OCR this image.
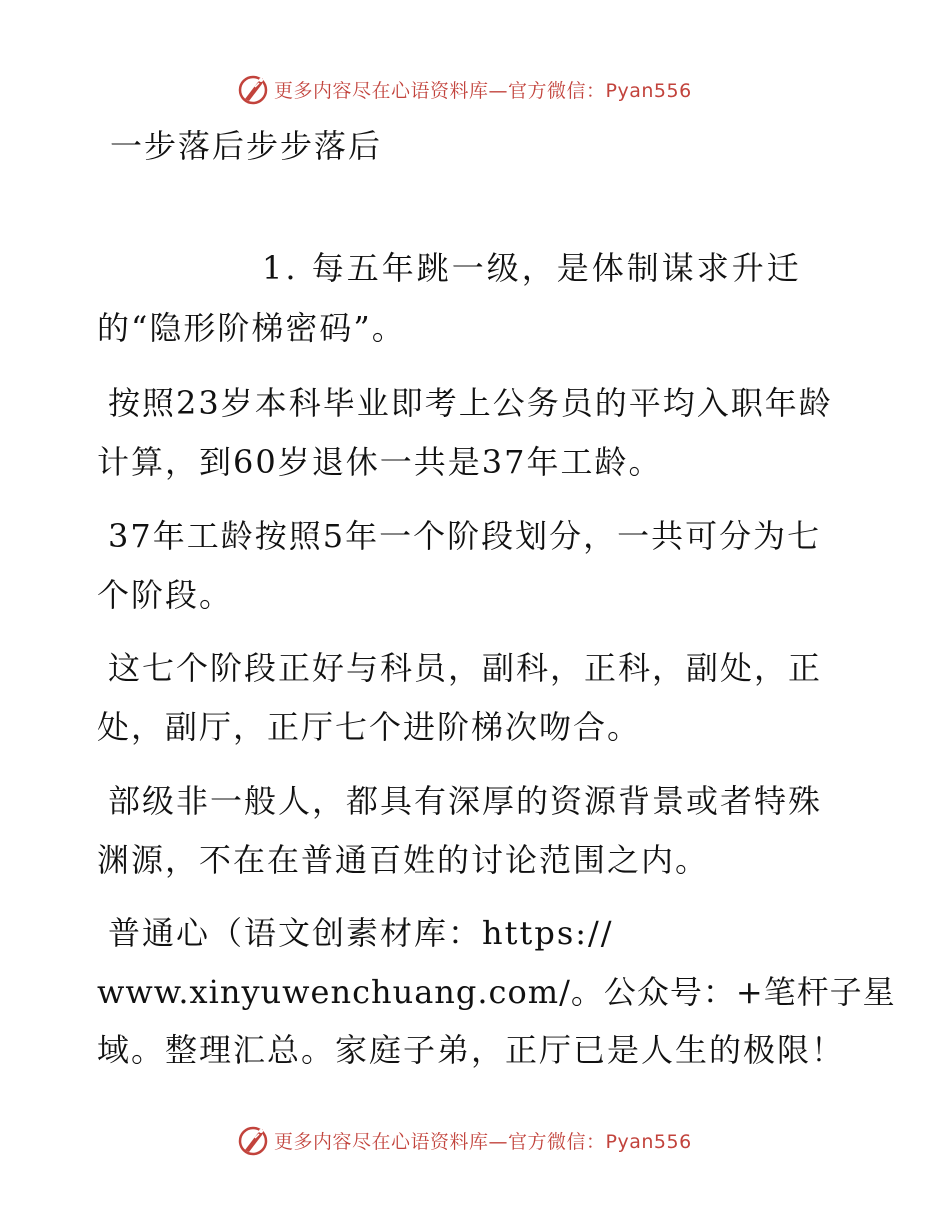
更多内容尽在心语资料库—官方微信：Pyan556
一步落后步步落后
1. 每五年跳一级，是体制谋求升迁
的“隐形阶梯密码”。
按照23岁本科毕业即考上公务员的平均入职年龄
计算，到60岁退休一共是37年工龄。
37年工龄按照5年一个阶段划分，一共可分为七
个阶段。
这七个阶段正好与科员，副科，正科，副处，正
处，副厅，正厅七个进阶梯次吻合。
部级非一般人，都具有深厚的资源背景或者特殊
渊源，不在在普通百姓的讨论范围之内。
普通心（语文创素材库：https://
www.xinyuwenchuang.com/。公众号：+笔杆子星
域。整理汇总。家庭子弟，正厅已是人生的极限！
更多内容尽在心语资料库—官方微信：Pyan556
